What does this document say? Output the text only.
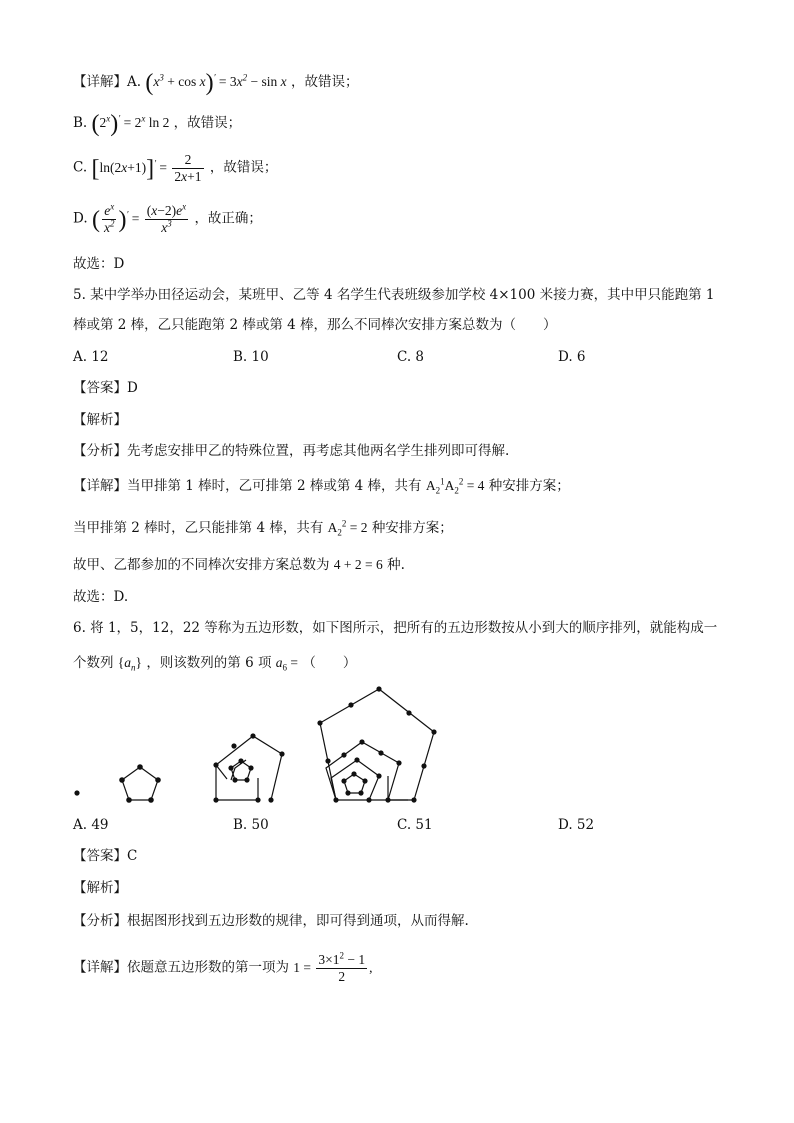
【详解】A. $(x^3 + \cos x)' = 3x^2 - \sin x$ ，故错误；
B. $(2^x)' = 2^x$ ln 2 ，故错误；
C. $[\ln(2x+1)]' = \frac{2}{2x+1}$ ，故错误；
D. ( $\frac{e^x}{x^2} )' = \frac{(x-2)e^x}{x^3}$ ，故正确；
故选：D
5. 某中学举办田径运动会，某班甲、乙等 4 名学生代表班级参加学校 4×100 米接力赛，其中甲只能跑第 1
棒或第 2 棒，乙只能跑第 2 棒或第 4 棒，那么不同棒次安排方案总数为（　　）
A. 12	B. 10	C. 8	D. 6
【答案】D
【解析】
【分析】先考虑安排甲乙的特殊位置，再考虑其他两名学生排列即可得解.
【详解】当甲排第 1 棒时，乙可排第 2 棒或第 4 棒，共有 $A_2^1A_2^2 = 4$ 种安排方案；
当甲排第 2 棒时，乙只能排第 4 棒，共有 $A_2^2 = 2$ 种安排方案；
故甲、乙都参加的不同棒次安排方案总数为 4 + 2 = 6 种.
故选：D.
6. 将 1，5，12，22 等称为五边形数，如下图所示，把所有的五边形数按从小到大的顺序排列，就能构成一
个数列 $\{a_n\}$ ，则该数列的第 6 项 $a_6$ = （　　）
A. 49	B. 50	C. 51	D. 52
【答案】C
【解析】
【分析】根据图形找到五边形数的规律，即可得到通项，从而得解.
【详解】依题意五边形数的第一项为 $1 = \frac{3\times 1^2 - 1}{2}$ ,
